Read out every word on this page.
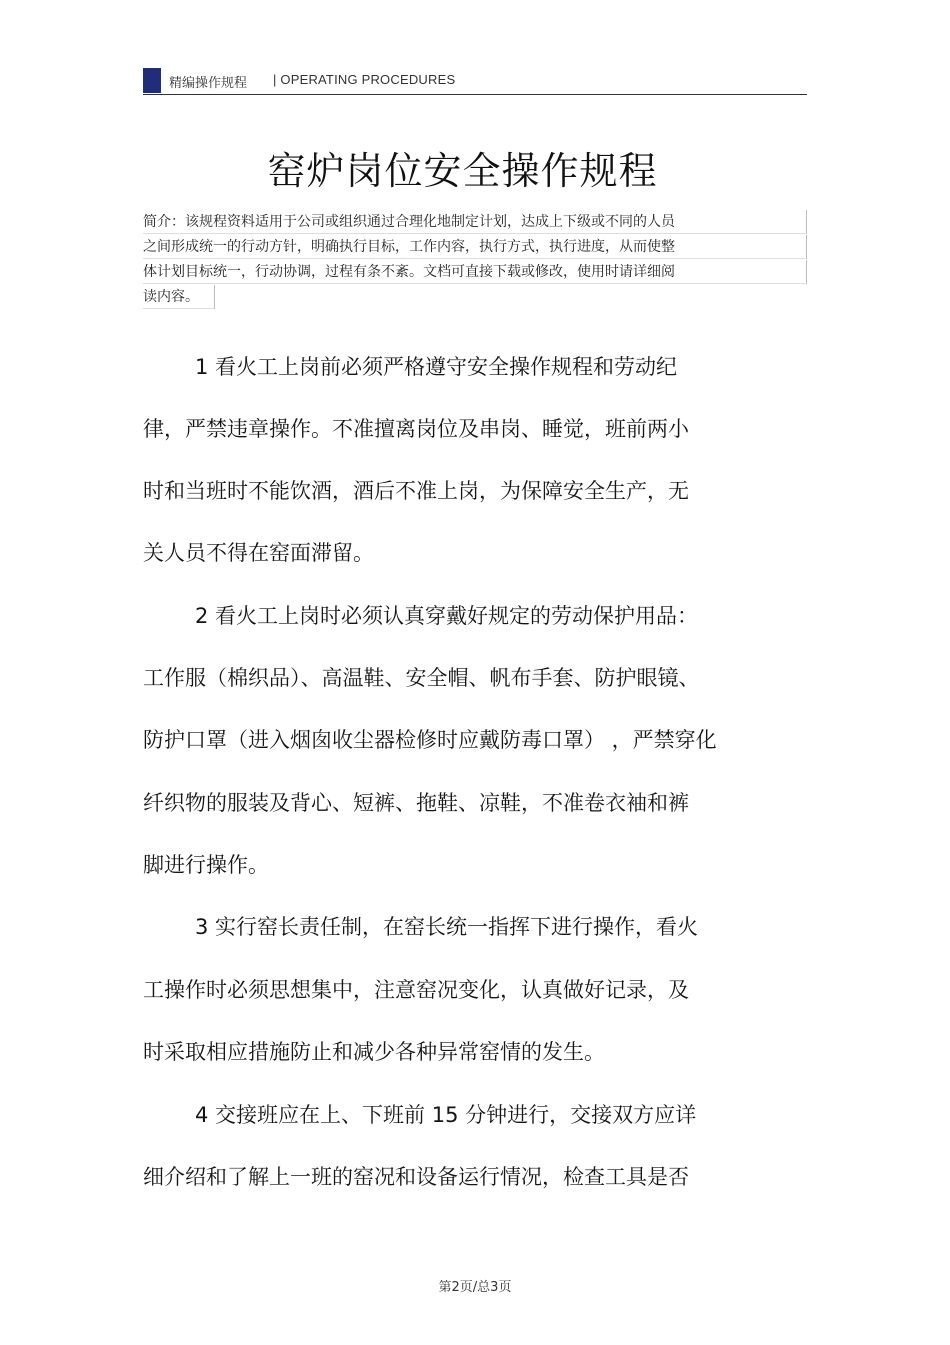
精编操作规程 | OPERATING PROCEDURES
窑炉岗位安全操作规程
简介：该规程资料适用于公司或组织通过合理化地制定计划，达成上下级或不同的人员
之间形成统一的行动方针，明确执行目标，工作内容，执行方式，执行进度，从而使整
体计划目标统一，行动协调，过程有条不紊。文档可直接下载或修改，使用时请详细阅
读内容。
1 看火工上岗前必须严格遵守安全操作规程和劳动纪
律，严禁违章操作。不准擅离岗位及串岗、睡觉，班前两小
时和当班时不能饮酒，酒后不准上岗，为保障安全生产，无
关人员不得在窑面滞留。
2 看火工上岗时必须认真穿戴好规定的劳动保护用品：
工作服（棉织品）、高温鞋、安全帽、帆布手套、防护眼镜、
防护口罩（进入烟囱收尘器检修时应戴防毒口罩） ，严禁穿化
纤织物的服装及背心、短裤、拖鞋、凉鞋，不准卷衣袖和裤
脚进行操作。
3 实行窑长责任制，在窑长统一指挥下进行操作，看火
工操作时必须思想集中，注意窑况变化，认真做好记录，及
时采取相应措施防止和减少各种异常窑情的发生。
4 交接班应在上、下班前 15 分钟进行，交接双方应详
细介绍和了解上一班的窑况和设备运行情况，检查工具是否
第2页/总3页
